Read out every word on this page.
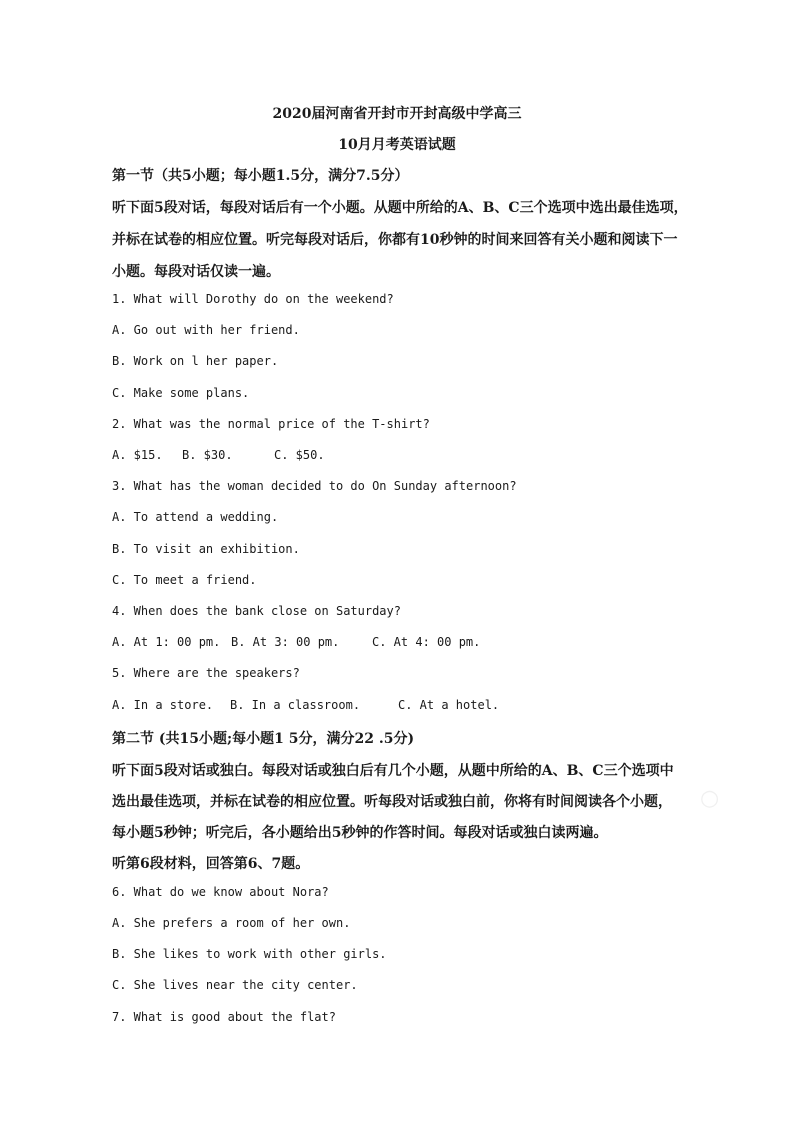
2020届河南省开封市开封高级中学高三
10月月考英语试题
第一节（共5小题；每小题1.5分，满分7.5分）
听下面5段对话，每段对话后有一个小题。从题中所给的A、B、C三个选项中选出最佳选项，
并标在试卷的相应位置。听完每段对话后，你都有10秒钟的时间来回答有关小题和阅读下一
小题。每段对话仅读一遍。
1. What will Dorothy do on the weekend?
A. Go out with her friend.
B. Work on l her paper.
C. Make some plans.
2. What was the normal price of the T-shirt?
A. $15. B. $30.	C. $50.
3. What has the woman decided to do On Sunday afternoon?
A. To attend a wedding.
B. To visit an exhibition.
C. To meet a friend.
4. When does the bank close on Saturday?
A. At 1: 00 pm. B. At 3: 00 pm.	C. At 4: 00 pm.
5. Where are the speakers?
A. In a store. B. In a classroom.	C. At a hotel.
第二节 (共15小题;每小题1 5分，满分22 .5分)
听下面5段对话或独白。每段对话或独白后有几个小题，从题中所给的A、B、C三个选项中
选出最佳选项，并标在试卷的相应位置。听每段对话或独白前，你将有时间阅读各个小题，
每小题5秒钟；听完后，各小题给出5秒钟的作答时间。每段对话或独白读两遍。
听第6段材料，回答第6、7题。
6. What do we know about Nora?
A. She prefers a room of her own.
B. She likes to work with other girls.
C. She lives near the city center.
7. What is good about the flat?
○
